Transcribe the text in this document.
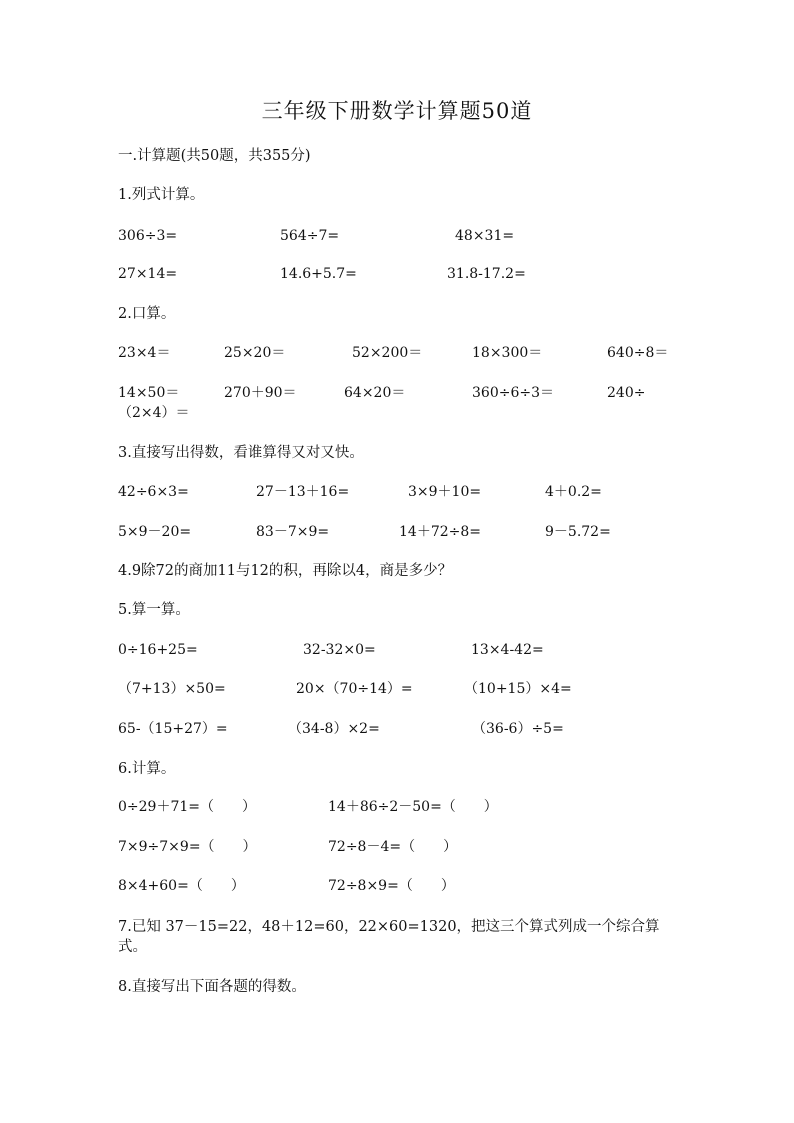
三年级下册数学计算题50道
一.计算题(共50题，共355分)
1.列式计算。
306÷3=	564÷7=	48×31=
27×14=	14.6+5.7=	31.8-17.2=
2.口算。
23×4＝	25×20＝	52×200＝	18×300＝	640÷8＝
14×50＝	270＋90＝	64×20＝	360÷6÷3＝	240÷
（2×4）＝
3.直接写出得数，看谁算得又对又快。
42÷6×3=	27－13＋16=	3×9＋10=	4＋0.2=
5×9－20=	83－7×9=	14＋72÷8=	9－5.72=
4.9除72的商加11与12的积，再除以4，商是多少？
5.算一算。
0÷16+25=	32-32×0=	13×4-42=
（7+13）×50=	20×（70÷14）=	（10+15）×4=
65-（15+27）=	（34-8）×2=	（36-6）÷5=
6.计算。
0÷29＋71=（　　）	14＋86÷2－50=（　　）
7×9÷7×9=（　　）	72÷8－4=（　　）
8×4+60=（　　）	72÷8×9=（　　）
7.已知 37－15=22，48＋12=60，22×60=1320，把这三个算式列成一个综合算式。
8.直接写出下面各题的得数。
